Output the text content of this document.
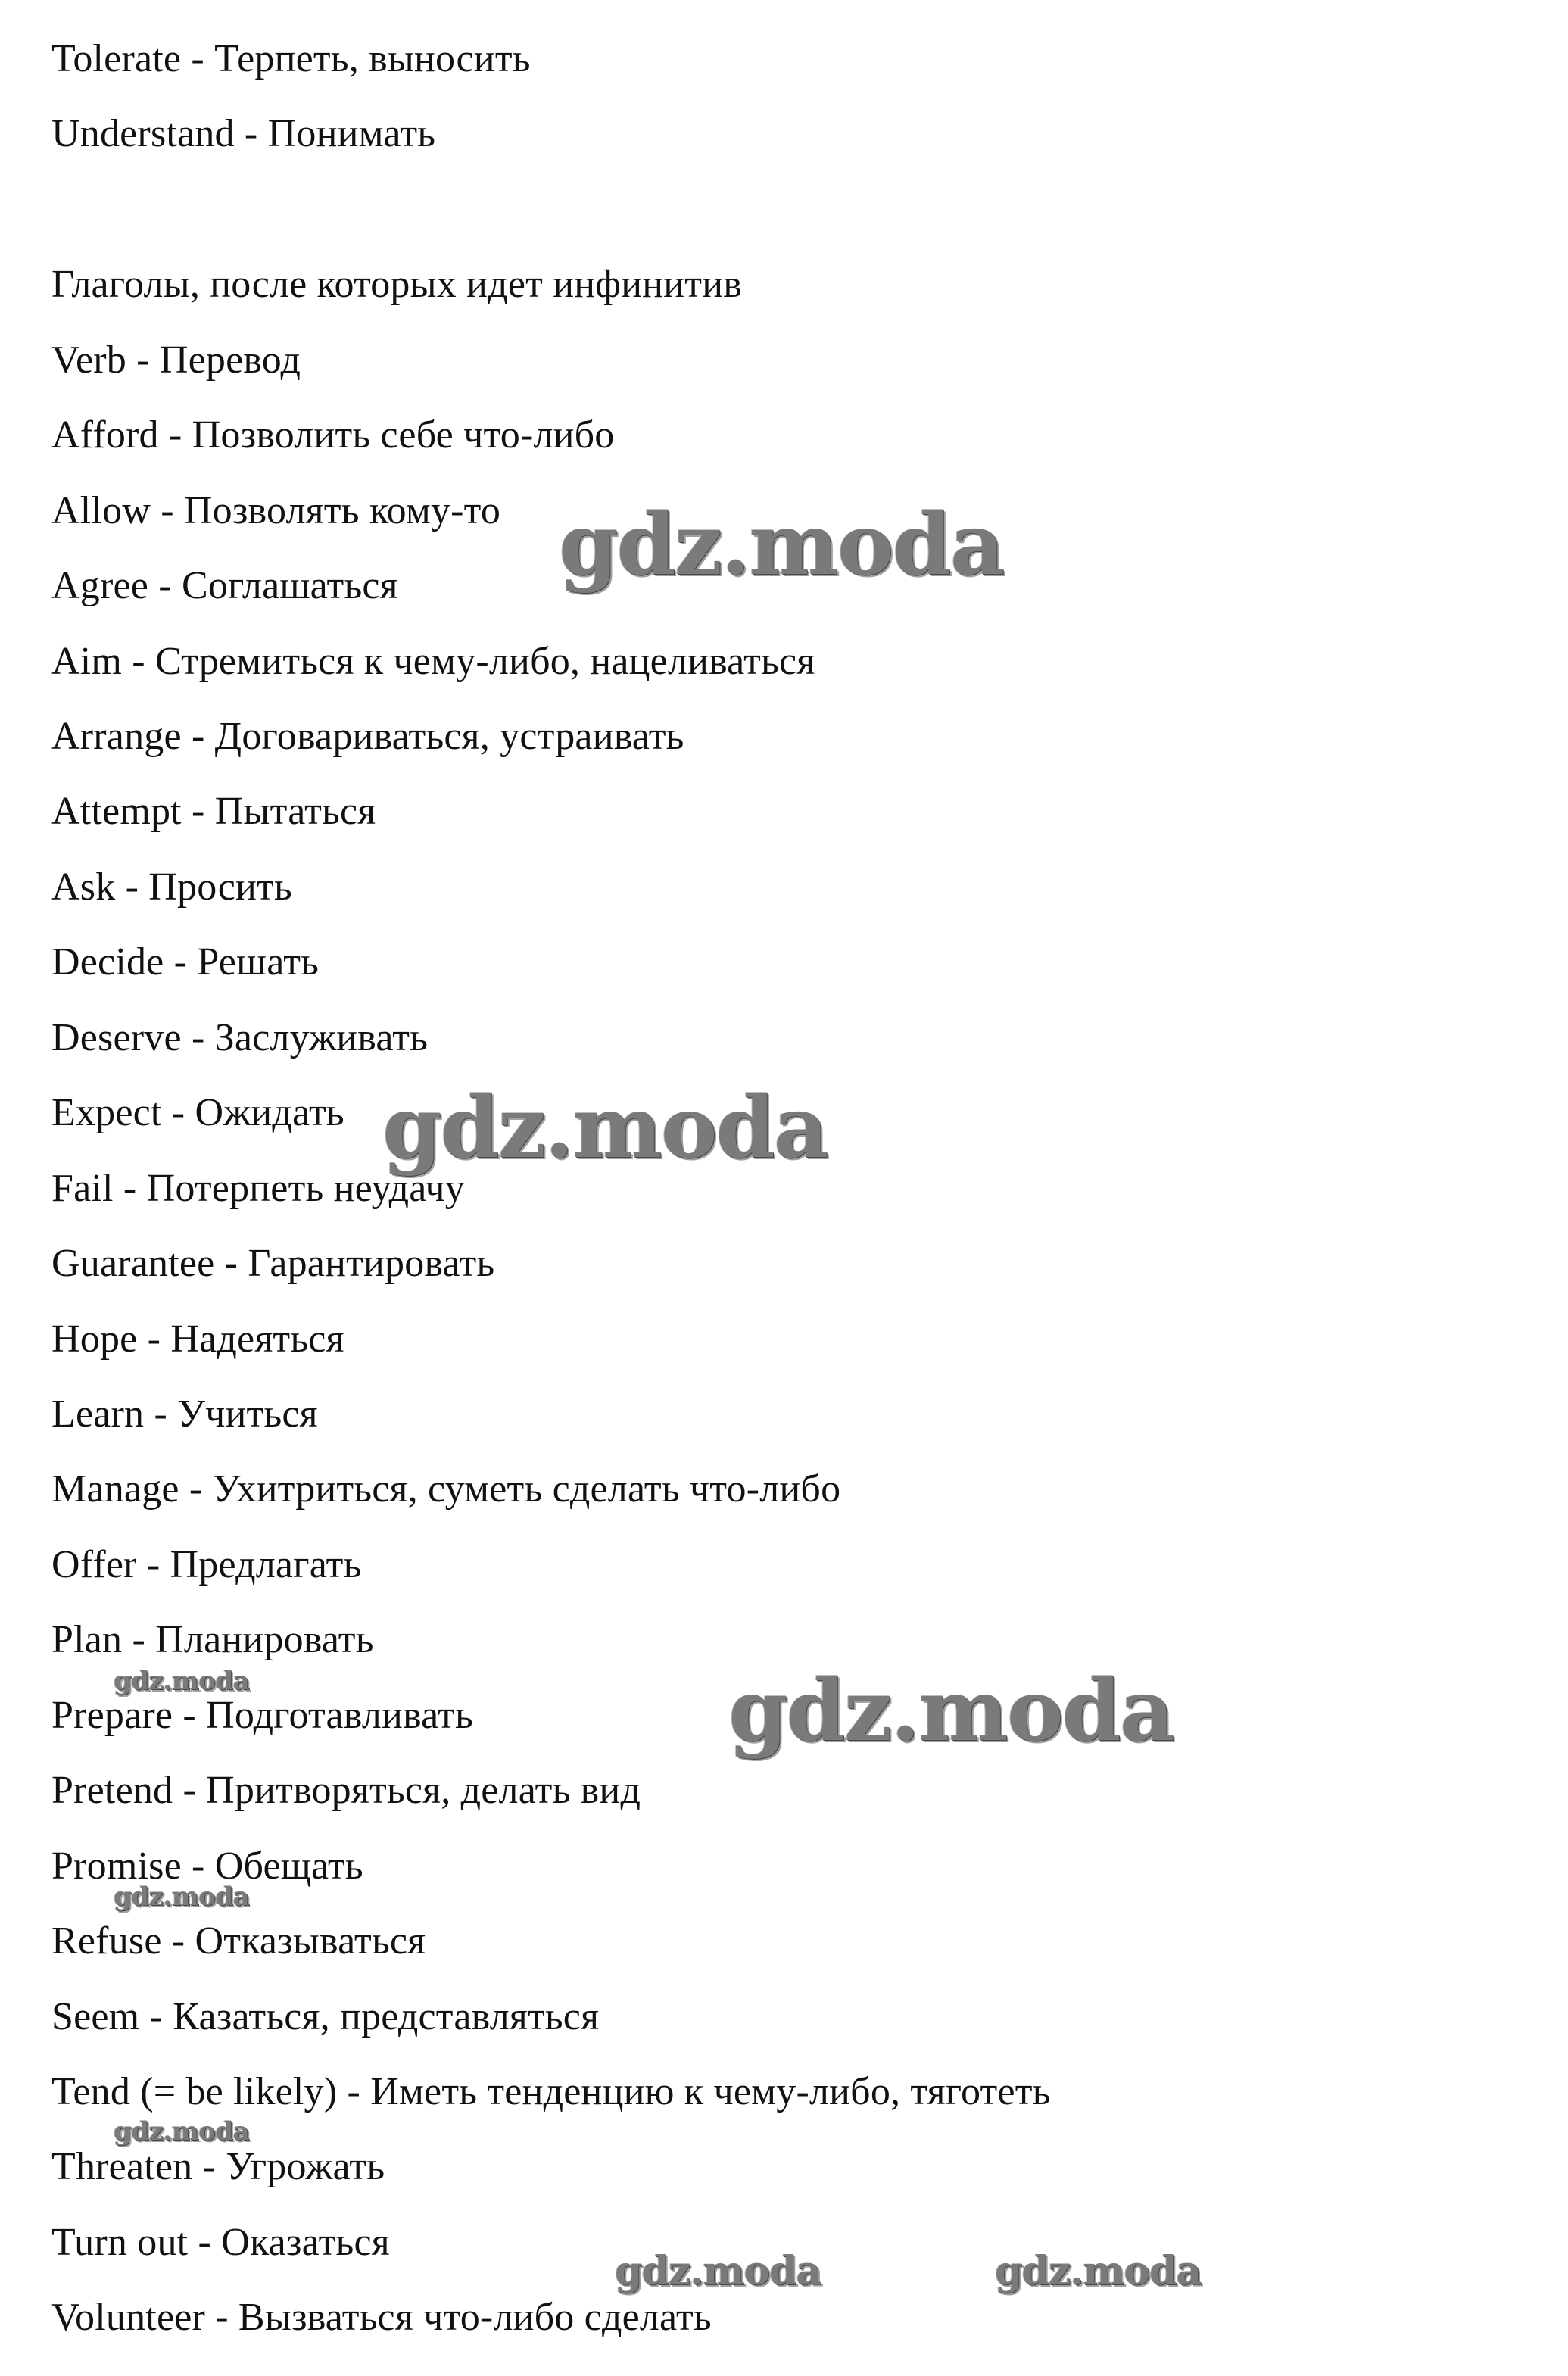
Tolerate - Терпеть, выносить
Understand - Понимать
Глаголы, после которых идет инфинитив
Verb - Перевод
Afford - Позволить себе что-либо
Allow - Позволять кому-то
Agree - Соглашаться
Aim - Стремиться к чему-либо, нацеливаться
Arrange - Договариваться, устраивать
Attempt - Пытаться
Ask - Просить
Decide - Решать
Deserve - Заслуживать
Expect - Ожидать
Fail - Потерпеть неудачу
Guarantee - Гарантировать
Hope - Надеяться
Learn - Учиться
Manage - Ухитриться, суметь сделать что-либо
Offer - Предлагать
Plan - Планировать
Prepare - Подготавливать
Pretend - Притворяться, делать вид
Promise - Обещать
Refuse - Отказываться
Seem - Казаться, представляться
Tend (= be likely) - Иметь тенденцию к чему-либо, тяготеть
Threaten - Угрожать
Turn out - Оказаться
Volunteer - Вызваться что-либо сделать
gdz.moda
gdz.moda
gdz.moda
gdz.moda
gdz.moda
gdz.moda
gdz.moda	gdz.moda
